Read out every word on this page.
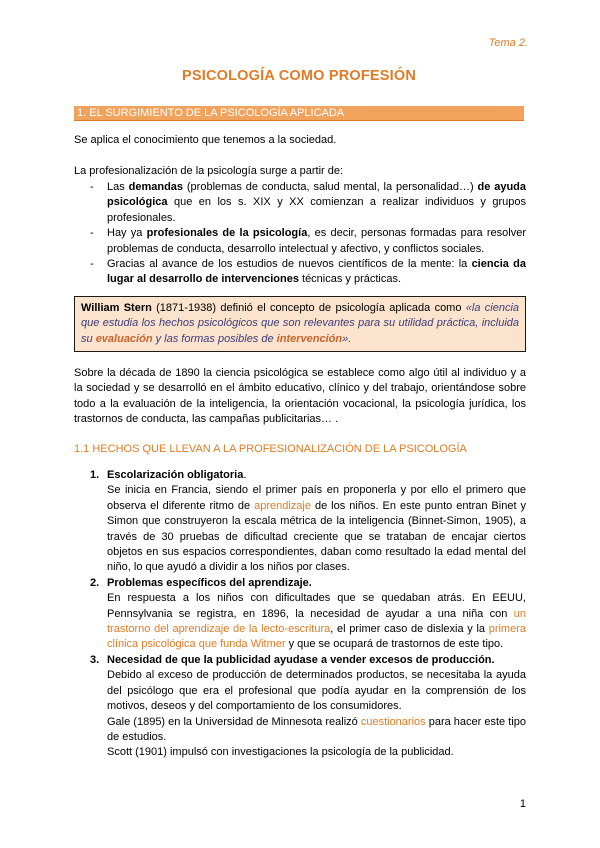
Tema 2.
PSICOLOGÍA COMO PROFESIÓN
1. EL SURGIMIENTO DE LA PSICOLOGÍA APLICADA
Se aplica el conocimiento que tenemos a la sociedad.
La profesionalización de la psicología surge a partir de:
- Las demandas (problemas de conducta, salud mental, la personalidad…) de ayuda psicológica que en los s. XIX y XX comienzan a realizar individuos y grupos profesionales.
- Hay ya profesionales de la psicología, es decir, personas formadas para resolver problemas de conducta, desarrollo intelectual y afectivo, y conflictos sociales.
- Gracias al avance de los estudios de nuevos científicos de la mente: la ciencia da lugar al desarrollo de intervenciones técnicas y prácticas.
William Stern (1871-1938) definió el concepto de psicología aplicada como «la ciencia que estudia los hechos psicológicos que son relevantes para su utilidad práctica, incluida su evaluación y las formas posibles de intervención».
Sobre la década de 1890 la ciencia psicológica se establece como algo útil al individuo y a la sociedad y se desarrolló en el ámbito educativo, clínico y del trabajo, orientándose sobre todo a la evaluación de la inteligencia, la orientación vocacional, la psicología jurídica, los trastornos de conducta, las campañas publicitarias… .
1.1 HECHOS QUE LLEVAN A LA PROFESIONALIZACIÓN DE LA PSICOLOGÍA
1. Escolarización obligatoria.
Se inicia en Francia, siendo el primer país en proponerla y por ello el primero que observa el diferente ritmo de aprendizaje de los niños. En este punto entran Binet y Simon que construyeron la escala métrica de la inteligencia (Binnet-Simon, 1905), a través de 30 pruebas de dificultad creciente que se trataban de encajar ciertos objetos en sus espacios correspondientes, daban como resultado la edad mental del niño, lo que ayudó a dividir a los niños por clases.
2. Problemas específicos del aprendizaje.
En respuesta a los niños con dificultades que se quedaban atrás. En EEUU, Pennsylvania se registra, en 1896, la necesidad de ayudar a una niña con un trastorno del aprendizaje de la lecto-escritura, el primer caso de dislexia y la primera clínica psicológica que funda Witmer y que se ocupará de trastornos de este tipo.
3. Necesidad de que la publicidad ayudase a vender excesos de producción.
Debido al exceso de producción de determinados productos, se necesitaba la ayuda del psicólogo que era el profesional que podía ayudar en la comprensión de los motivos, deseos y del comportamiento de los consumidores.
Gale (1895) en la Universidad de Minnesota realizó cuestionarios para hacer este tipo de estudios.
Scott (1901) impulsó con investigaciones la psicología de la publicidad.
1
